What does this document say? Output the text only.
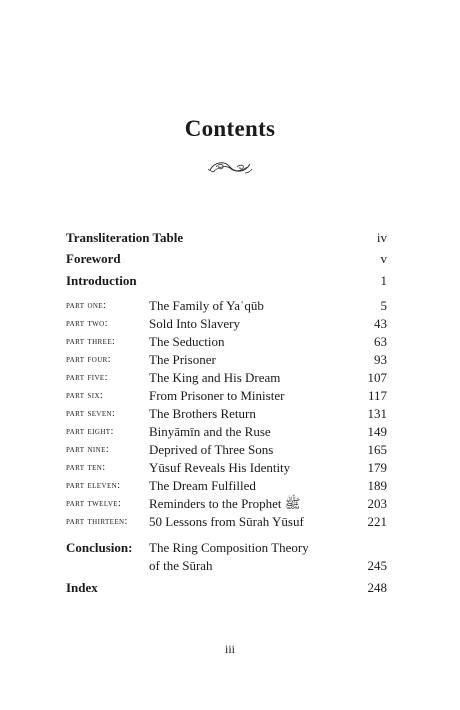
Contents
Transliteration Table	iv
Foreword	v
Introduction	1
part one:	The Family of Yaʿqūb	5
part two:	Sold Into Slavery	43
part three:	The Seduction	63
part four:	The Prisoner	93
part five:	The King and His Dream	107
part six:	From Prisoner to Minister	117
part seven:	The Brothers Return	131
part eight:	Binyāmīn and the Ruse	149
part nine:	Deprived of Three Sons	165
part ten:	Yūsuf Reveals His Identity	179
part eleven: The Dream Fulfilled	189
part twelve: Reminders to the Prophet ﷺ	203
part thirteen: 50 Lessons from Sūrah Yūsuf	221
Conclusion: The Ring Composition Theory
of the Sūrah	245
Index	248
iii
